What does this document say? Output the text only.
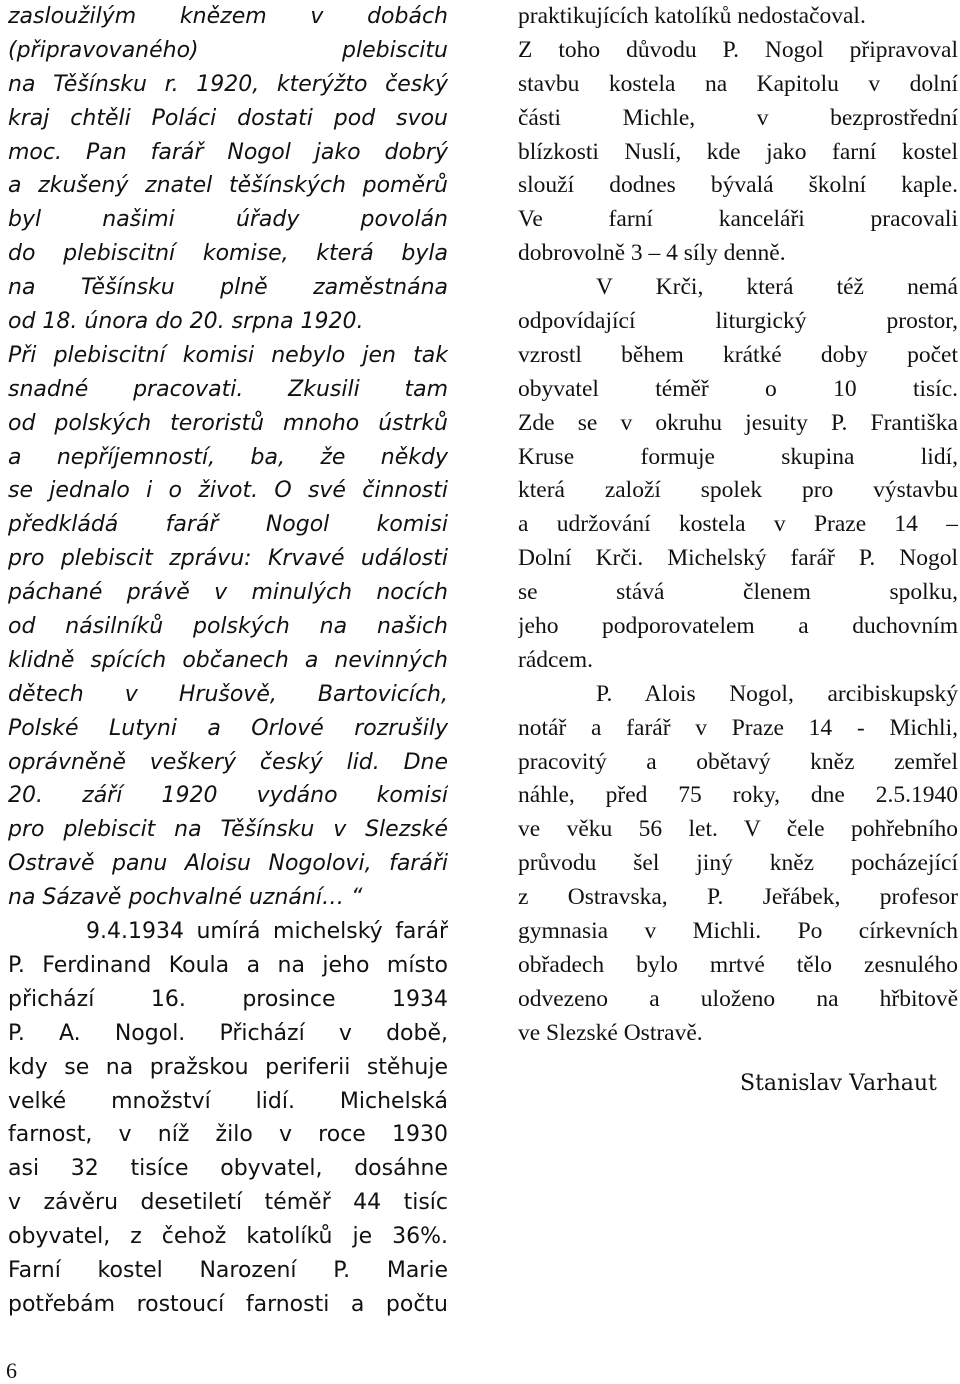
zasloužilým knězem v dobách
(připravovaného) plebiscitu
na Těšínsku r. 1920, kterýžto český
kraj chtěli Poláci dostati pod svou
moc. Pan farář Nogol jako dobrý
a zkušený znatel těšínských poměrů
byl našimi úřady povolán
do plebiscitní komise, která byla
na Těšínsku plně zaměstnána
od 18. února do 20. srpna 1920.
Při plebiscitní komisi nebylo jen tak
snadné pracovati. Zkusili tam
od polských teroristů mnoho ústrků
a nepříjemností, ba, že někdy
se jednalo i o život. O své činnosti
předkládá farář Nogol komisi
pro plebiscit zprávu: Krvavé události
páchané právě v minulých nocích
od násilníků polských na našich
klidně spících občanech a nevinných
dětech v Hrušově, Bartovicích,
Polské Lutyni a Orlové rozrušily
oprávněně veškerý český lid. Dne
20. září 1920 vydáno komisí
pro plebiscit na Těšínsku v Slezské
Ostravě panu Aloisu Nogolovi, faráři
na Sázavě pochvalné uznání… “
9.4.1934 umírá michelský farář
P. Ferdinand Koula a na jeho místo
přichází 16. prosince 1934
P. A. Nogol. Přichází v době,
kdy se na pražskou periferii stěhuje
velké množství lidí. Michelská
farnost, v níž žilo v roce 1930
asi 32 tisíce obyvatel, dosáhne
v závěru desetiletí téměř 44 tisíc
obyvatel, z čehož katolíků je 36%.
Farní kostel Narození P. Marie
potřebám rostoucí farnosti a počtu
praktikujících katolíků nedostačoval.
Z toho důvodu P. Nogol připravoval
stavbu kostela na Kapitolu v dolní
části Michle, v bezprostřední
blízkosti Nuslí, kde jako farní kostel
slouží dodnes bývalá školní kaple.
Ve farní kanceláři pracovali
dobrovolně 3 – 4 síly denně.
V Krči, která též nemá
odpovídající liturgický prostor,
vzrostl během krátké doby počet
obyvatel téměř o 10 tisíc.
Zde se v okruhu jesuity P. Františka
Kruse formuje skupina lidí,
která založí spolek pro výstavbu
a udržování kostela v Praze 14 –
Dolní Krči. Michelský farář P. Nogol
se stává členem spolku,
jeho podporovatelem a duchovním
rádcem.
P. Alois Nogol, arcibiskupský
notář a farář v Praze 14 - Michli,
pracovitý a obětavý kněz zemřel
náhle, před 75 roky, dne 2.5.1940
ve věku 56 let. V čele pohřebního
průvodu šel jiný kněz pocházející
z Ostravska, P. Jeřábek, profesor
gymnasia v Michli. Po církevních
obřadech bylo mrtvé tělo zesnulého
odvezeno a uloženo na hřbitově
ve Slezské Ostravě.
Stanislav Varhaut
6
